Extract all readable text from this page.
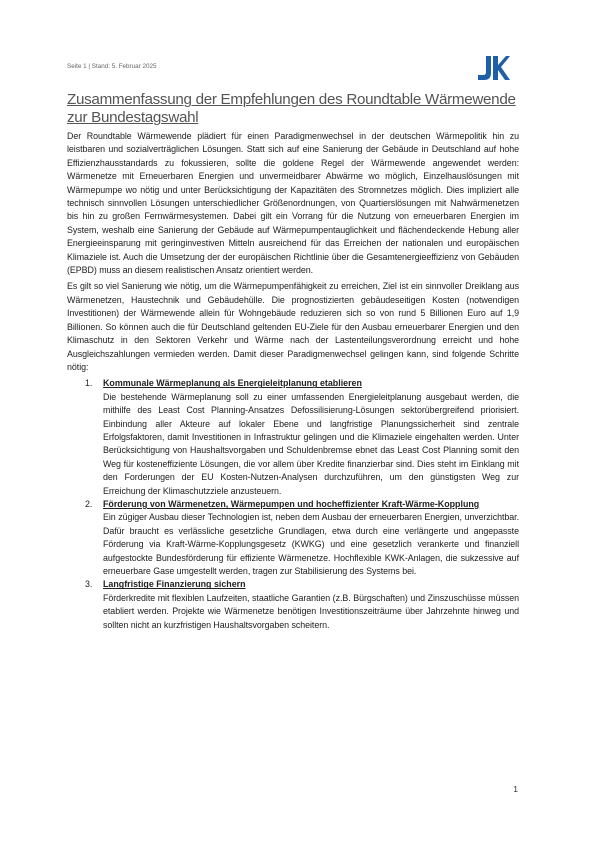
Seite 1 | Stand: 5. Februar 2025
Zusammenfassung der Empfehlungen des Roundtable Wärmewende zur Bundestagswahl

Der Roundtable Wärmewende plädiert für einen Paradigmenwechsel in der deutschen Wärmepolitik hin zu leistbaren und sozialverträglichen Lösungen. Statt sich auf eine Sanierung der Gebäude in Deutschland auf hohe Effizienzhausstandards zu fokussieren, sollte die goldene Regel der Wärmewende angewendet werden: Wärmenetze mit Erneuerbaren Energien und unvermeidbarer Abwärme wo möglich, Einzelhauslösungen mit Wärmepumpe wo nötig und unter Berücksichtigung der Kapazitäten des Stromnetzes möglich. Dies impliziert alle technisch sinnvollen Lösungen unterschiedlicher Größenordnungen, von Quartierslösungen mit Nahwärmenetzen bis hin zu großen Fernwärmesystemen. Dabei gilt ein Vorrang für die Nutzung von erneuerbaren Energien im System, weshalb eine Sanierung der Gebäude auf Wärmepumpentauglichkeit und flächendeckende Hebung aller Energieeinsparung mit geringinvestiven Mitteln ausreichend für das Erreichen der nationalen und europäischen Klimaziele ist. Auch die Umsetzung der der europäischen Richtlinie über die Gesamtenergieeffizienz von Gebäuden (EPBD) muss an diesem realistischen Ansatz orientiert werden.

Es gilt so viel Sanierung wie nötig, um die Wärmepumpenfähigkeit zu erreichen, Ziel ist ein sinnvoller Dreiklang aus Wärmenetzen, Haustechnik und Gebäudehülle. Die prognostizierten gebäudeseitigen Kosten (notwendigen Investitionen) der Wärmewende allein für Wohngebäude reduzieren sich so von rund 5 Billionen Euro auf 1,9 Billionen. So können auch die für Deutschland geltenden EU-Ziele für den Ausbau erneuerbarer Energien und den Klimaschutz in den Sektoren Verkehr und Wärme nach der Lastenteilungsverordnung erreicht und hohe Ausgleichszahlungen vermieden werden. Damit dieser Paradigmenwechsel gelingen kann, sind folgende Schritte nötig:

1. Kommunale Wärmeplanung als Energieleitplanung etablieren

Die bestehende Wärmeplanung soll zu einer umfassenden Energieleitplanung ausgebaut werden, die mithilfe des Least Cost Planning-Ansatzes Defossilisierung-Lösungen sektorübergreifend priorisiert. Einbindung aller Akteure auf lokaler Ebene und langfristige Planungssicherheit sind zentrale Erfolgsfaktoren, damit Investitionen in Infrastruktur gelingen und die Klimaziele eingehalten werden. Unter Berücksichtigung von Haushaltsvorgaben und Schuldenbremse ebnet das Least Cost Planning somit den Weg für kosteneffiziente Lösungen, die vor allem über Kredite finanzierbar sind. Dies steht im Einklang mit den Forderungen der EU Kosten-Nutzen-Analysen durchzuführen, um den günstigsten Weg zur Erreichung der Klimaschutzziele anzusteuern.

2. Förderung von Wärmenetzen, Wärmepumpen und hocheffizienter Kraft-Wärme-Kopplung

Ein zügiger Ausbau dieser Technologien ist, neben dem Ausbau der erneuerbaren Energien, unverzichtbar. Dafür braucht es verlässliche gesetzliche Grundlagen, etwa durch eine verlängerte und angepasste Förderung via Kraft-Wärme-Kopplungsgesetz (KWKG) und eine gesetzlich verankerte und finanziell aufgestockte Bundesförderung für effiziente Wärmenetze. Hochflexible KWK-Anlagen, die sukzessive auf erneuerbare Gase umgestellt werden, tragen zur Stabilisierung des Systems bei.

3. Langfristige Finanzierung sichern

Förderkredite mit flexiblen Laufzeiten, staatliche Garantien (z.B. Bürgschaften) und Zinszuschüsse müssen etabliert werden. Projekte wie Wärmenetze benötigen Investitionszeiträume über Jahrzehnte hinweg und sollten nicht an kurzfristigen Haushaltsvorgaben scheitern.

1
